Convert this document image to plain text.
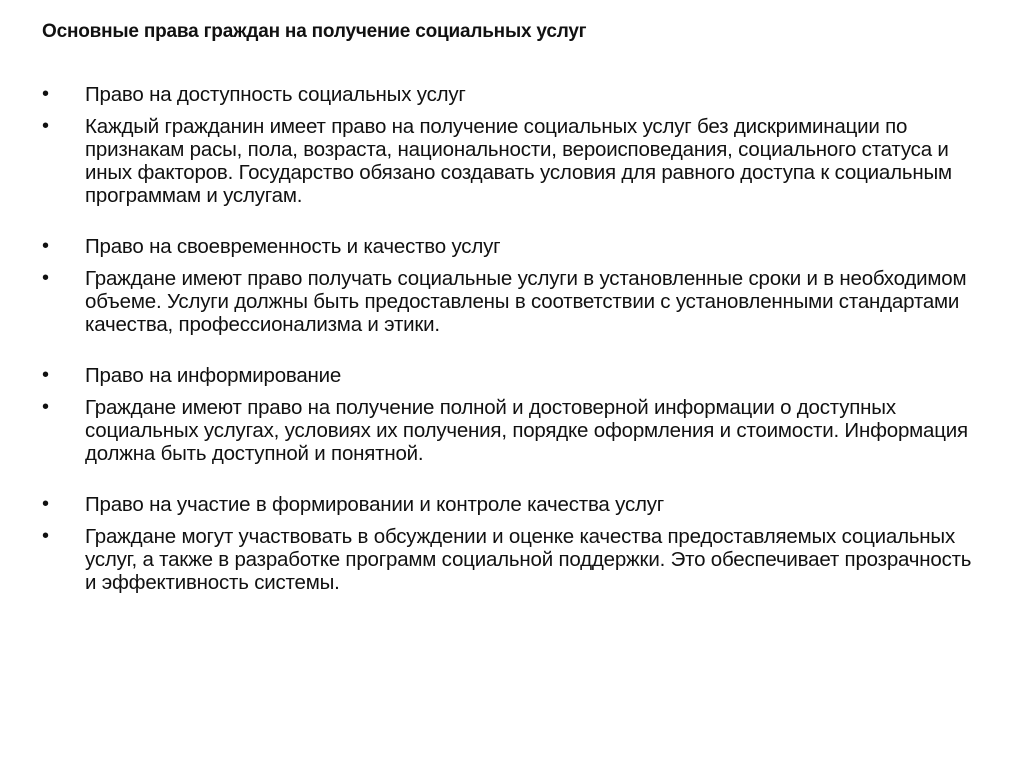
Основные права граждан на получение социальных услуг
•	Право на доступность социальных услуг
•	Каждый гражданин имеет право на получение социальных услуг без дискриминации по признакам расы, пола, возраста, национальности, вероисповедания, социального статуса и иных факторов. Государство обязано создавать условия для равного доступа к социальным программам и услугам.
•	Право на своевременность и качество услуг
•	Граждане имеют право получать социальные услуги в установленные сроки и в необходимом объеме. Услуги должны быть предоставлены в соответствии с установленными стандартами качества, профессионализма и этики.
•	Право на информирование
•	Граждане имеют право на получение полной и достоверной информации о доступных социальных услугах, условиях их получения, порядке оформления и стоимости. Информация должна быть доступной и понятной.
•	Право на участие в формировании и контроле качества услуг
•	Граждане могут участвовать в обсуждении и оценке качества предоставляемых социальных услуг, а также в разработке программ социальной поддержки. Это обеспечивает прозрачность и эффективность системы.
